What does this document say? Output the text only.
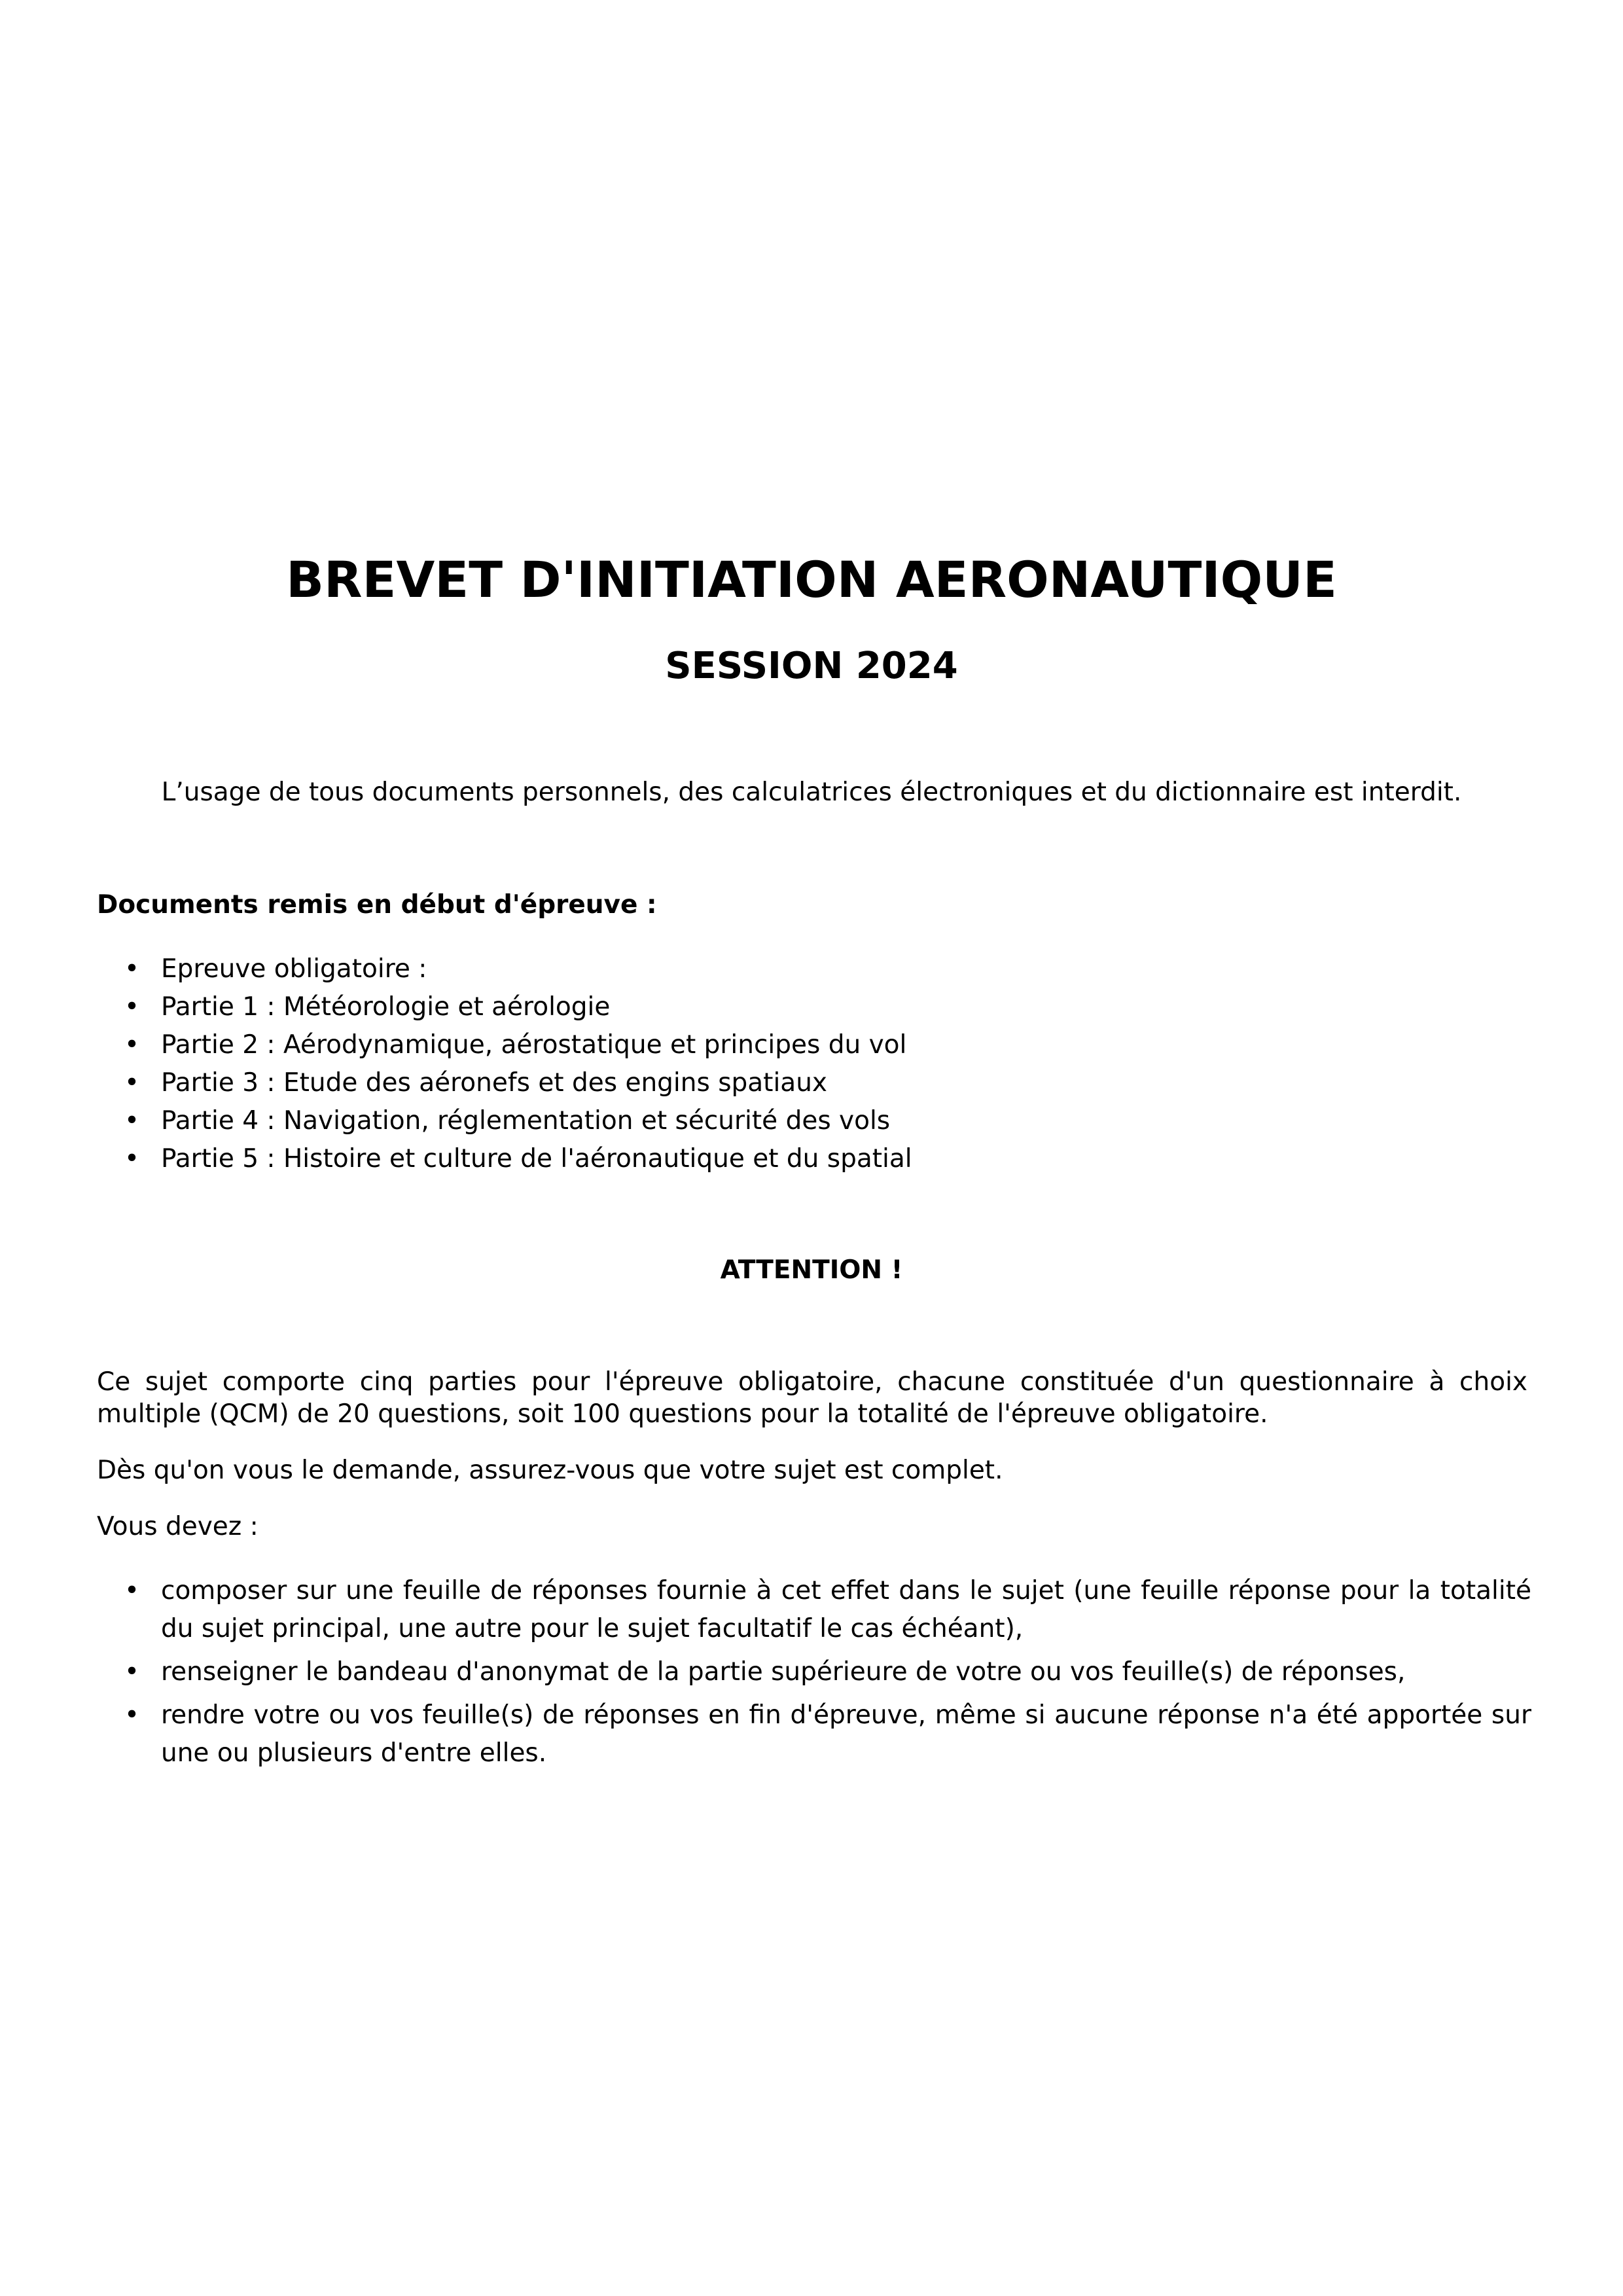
BREVET D'INITIATION AERONAUTIQUE
SESSION 2024

L’usage de tous documents personnels, des calculatrices électroniques et du dictionnaire est interdit.

Documents remis en début d'épreuve :

• Epreuve obligatoire :
• Partie 1 : Météorologie et aérologie
• Partie 2 : Aérodynamique, aérostatique et principes du vol
• Partie 3 : Etude des aéronefs et des engins spatiaux
• Partie 4 : Navigation, réglementation et sécurité des vols
• Partie 5 : Histoire et culture de l'aéronautique et du spatial

ATTENTION !

Ce sujet comporte cinq parties pour l'épreuve obligatoire, chacune constituée d'un questionnaire à choix multiple (QCM) de 20 questions, soit 100 questions pour la totalité de l'épreuve obligatoire.

Dès qu'on vous le demande, assurez-vous que votre sujet est complet.

Vous devez :

• composer sur une feuille de réponses fournie à cet effet dans le sujet (une feuille réponse pour la totalité du sujet principal, une autre pour le sujet facultatif le cas échéant),
• renseigner le bandeau d'anonymat de la partie supérieure de votre ou vos feuille(s) de réponses,
• rendre votre ou vos feuille(s) de réponses en fin d'épreuve, même si aucune réponse n'a été apportée sur une ou plusieurs d'entre elles.
